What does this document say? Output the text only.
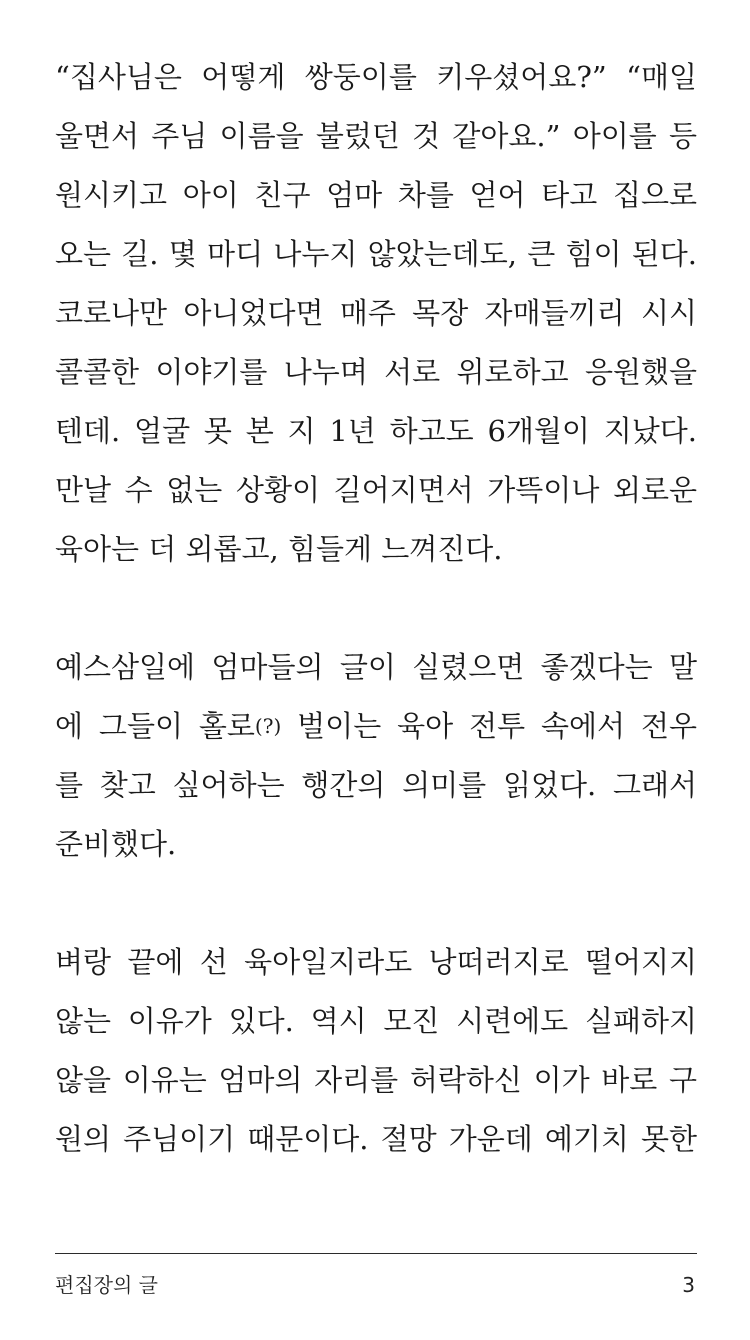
“집사님은 어떻게 쌍둥이를 키우셨어요?” “매일
울면서 주님 이름을 불렀던 것 같아요.” 아이를 등
원시키고 아이 친구 엄마 차를 얻어 타고 집으로
오는 길. 몇 마디 나누지 않았는데도, 큰 힘이 된다.
코로나만 아니었다면 매주 목장 자매들끼리 시시
콜콜한 이야기를 나누며 서로 위로하고 응원했을
텐데. 얼굴 못 본 지 1년 하고도 6개월이 지났다.
만날 수 없는 상황이 길어지면서 가뜩이나 외로운
육아는 더 외롭고, 힘들게 느껴진다.
예스삼일에 엄마들의 글이 실렸으면 좋겠다는 말
에 그들이 홀로(?) 벌이는 육아 전투 속에서 전우
를 찾고 싶어하는 행간의 의미를 읽었다. 그래서
준비했다.
벼랑 끝에 선 육아일지라도 낭떠러지로 떨어지지
않는 이유가 있다. 역시 모진 시련에도 실패하지
않을 이유는 엄마의 자리를 허락하신 이가 바로 구
원의 주님이기 때문이다. 절망 가운데 예기치 못한
편집장의 글	3
